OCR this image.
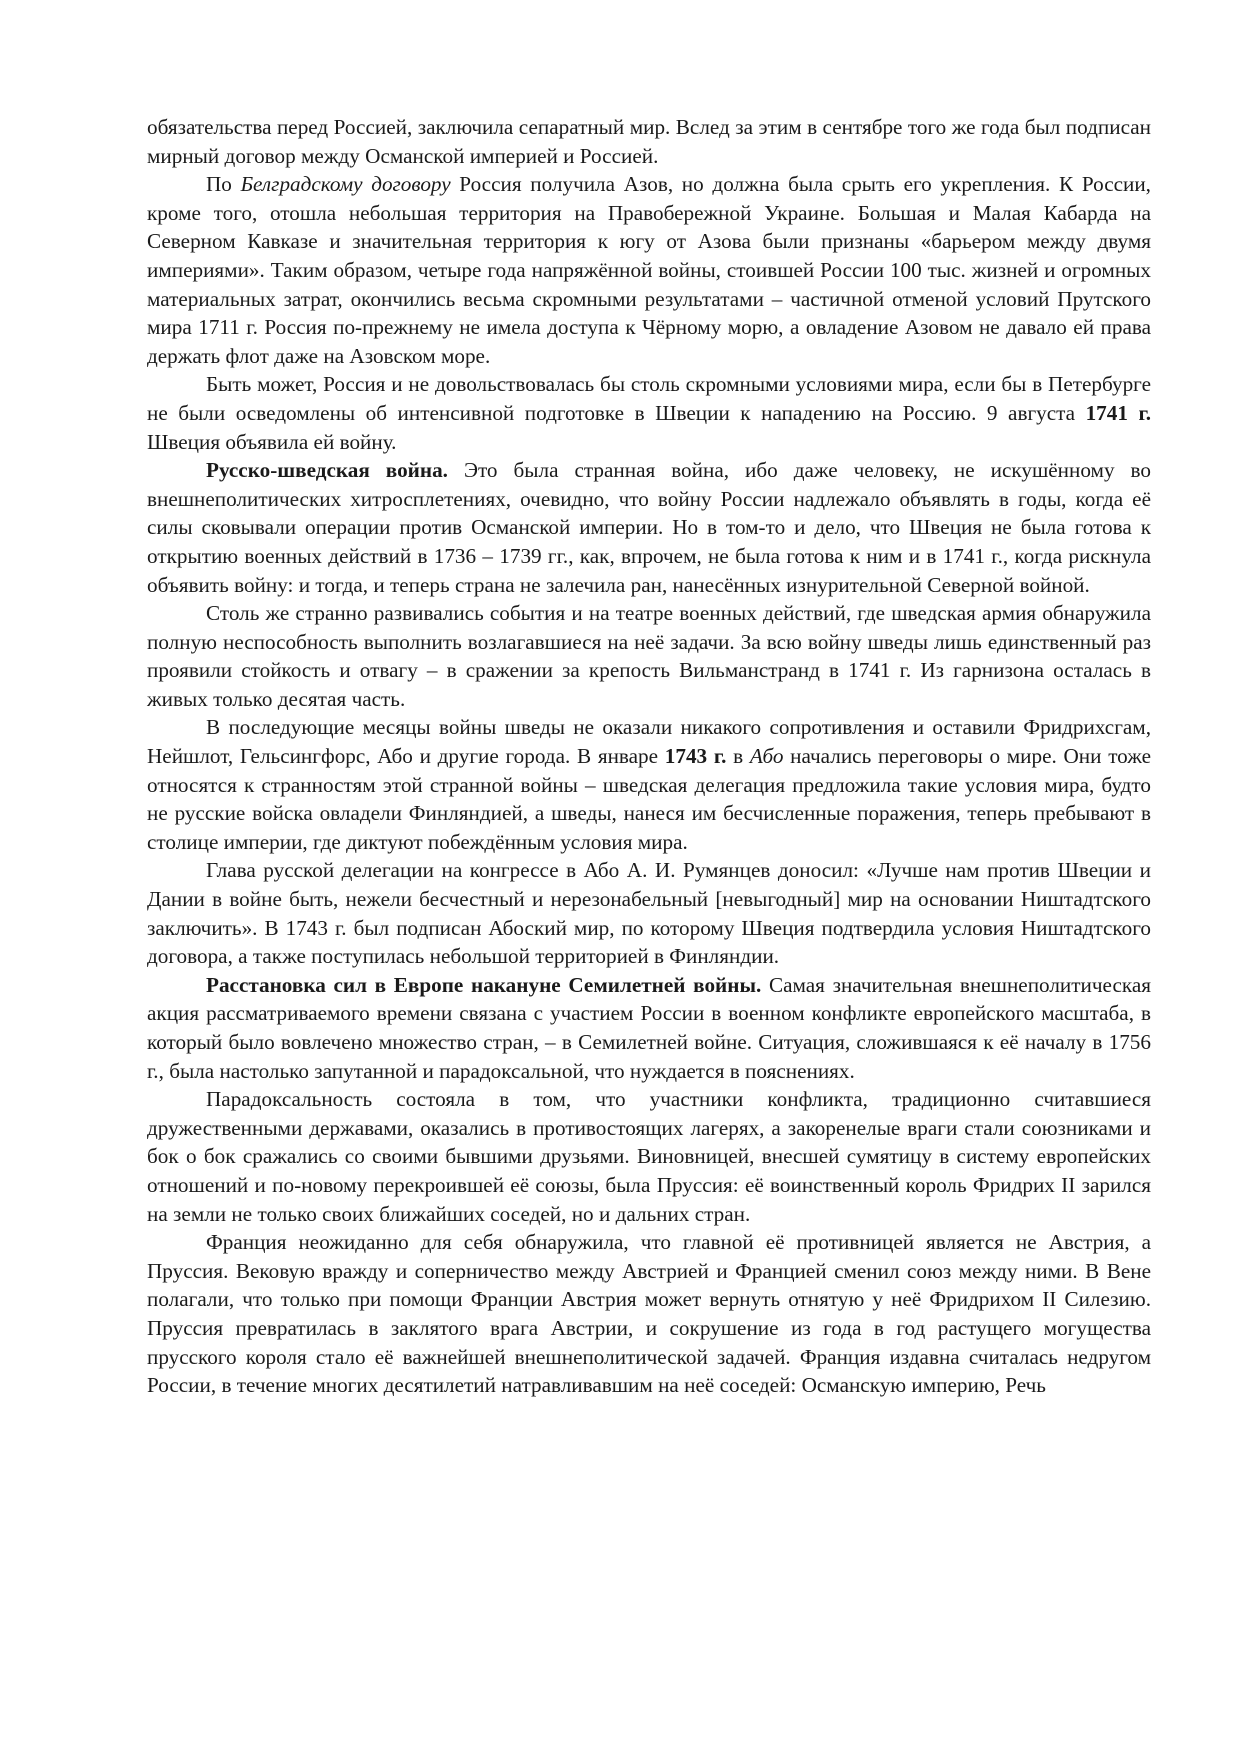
обязательства перед Россией, заключила сепаратный мир. Вслед за этим в сентябре того же года был подписан мирный договор между Османской империей и Россией.

По Белградскому договору Россия получила Азов, но должна была срыть его укрепления. К России, кроме того, отошла небольшая территория на Правобережной Украине. Большая и Малая Кабарда на Северном Кавказе и значительная территория к югу от Азова были признаны «барьером между двумя империями». Таким образом, четыре года напряжённой войны, стоившей России 100 тыс. жизней и огромных материальных затрат, окончились весьма скромными результатами – частичной отменой условий Прутского мира 1711 г. Россия по-прежнему не имела доступа к Чёрному морю, а овладение Азовом не давало ей права держать флот даже на Азовском море.

Быть может, Россия и не довольствовалась бы столь скромными условиями мира, если бы в Петербурге не были осведомлены об интенсивной подготовке в Швеции к нападению на Россию. 9 августа 1741 г. Швеция объявила ей войну.

Русско-шведская война. Это была странная война, ибо даже человеку, не искушённому во внешнеполитических хитросплетениях, очевидно, что войну России надлежало объявлять в годы, когда её силы сковывали операции против Османской империи. Но в том-то и дело, что Швеция не была готова к открытию военных действий в 1736 – 1739 гг., как, впрочем, не была готова к ним и в 1741 г., когда рискнула объявить войну: и тогда, и теперь страна не залечила ран, нанесённых изнурительной Северной войной.

Столь же странно развивались события и на театре военных действий, где шведская армия обнаружила полную неспособность выполнить возлагавшиеся на неё задачи. За всю войну шведы лишь единственный раз проявили стойкость и отвагу – в сражении за крепость Вильманстранд в 1741 г. Из гарнизона осталась в живых только десятая часть.

В последующие месяцы войны шведы не оказали никакого сопротивления и оставили Фридрихсгам, Нейшлот, Гельсингфорс, Або и другие города. В январе 1743 г. в Або начались переговоры о мире. Они тоже относятся к странностям этой странной войны – шведская делегация предложила такие условия мира, будто не русские войска овладели Финляндией, а шведы, нанеся им бесчисленные поражения, теперь пребывают в столице империи, где диктуют побеждённым условия мира.

Глава русской делегации на конгрессе в Або А. И. Румянцев доносил: «Лучше нам против Швеции и Дании в войне быть, нежели бесчестный и нерезонабельный [невыгодный] мир на основании Ништадтского заключить». В 1743 г. был подписан Абоский мир, по которому Швеция подтвердила условия Ништадтского договора, а также поступилась небольшой территорией в Финляндии.

Расстановка сил в Европе накануне Семилетней войны. Самая значительная внешнеполитическая акция рассматриваемого времени связана с участием России в военном конфликте европейского масштаба, в который было вовлечено множество стран, – в Семилетней войне. Ситуация, сложившаяся к её началу в 1756 г., была настолько запутанной и парадоксальной, что нуждается в пояснениях.

Парадоксальность состояла в том, что участники конфликта, традиционно считавшиеся дружественными державами, оказались в противостоящих лагерях, а закоренелые враги стали союзниками и бок о бок сражались со своими бывшими друзьями. Виновницей, внесшей сумятицу в систему европейских отношений и по-новому перекроившей её союзы, была Пруссия: её воинственный король Фридрих II зарился на земли не только своих ближайших соседей, но и дальних стран.

Франция неожиданно для себя обнаружила, что главной её противницей является не Австрия, а Пруссия. Вековую вражду и соперничество между Австрией и Францией сменил союз между ними. В Вене полагали, что только при помощи Франции Австрия может вернуть отнятую у неё Фридрихом II Силезию. Пруссия превратилась в заклятого врага Австрии, и сокрушение из года в год растущего могущества прусского короля стало её важнейшей внешнеполитической задачей. Франция издавна считалась недругом России, в течение многих десятилетий натравливавшим на неё соседей: Османскую империю, Речь
